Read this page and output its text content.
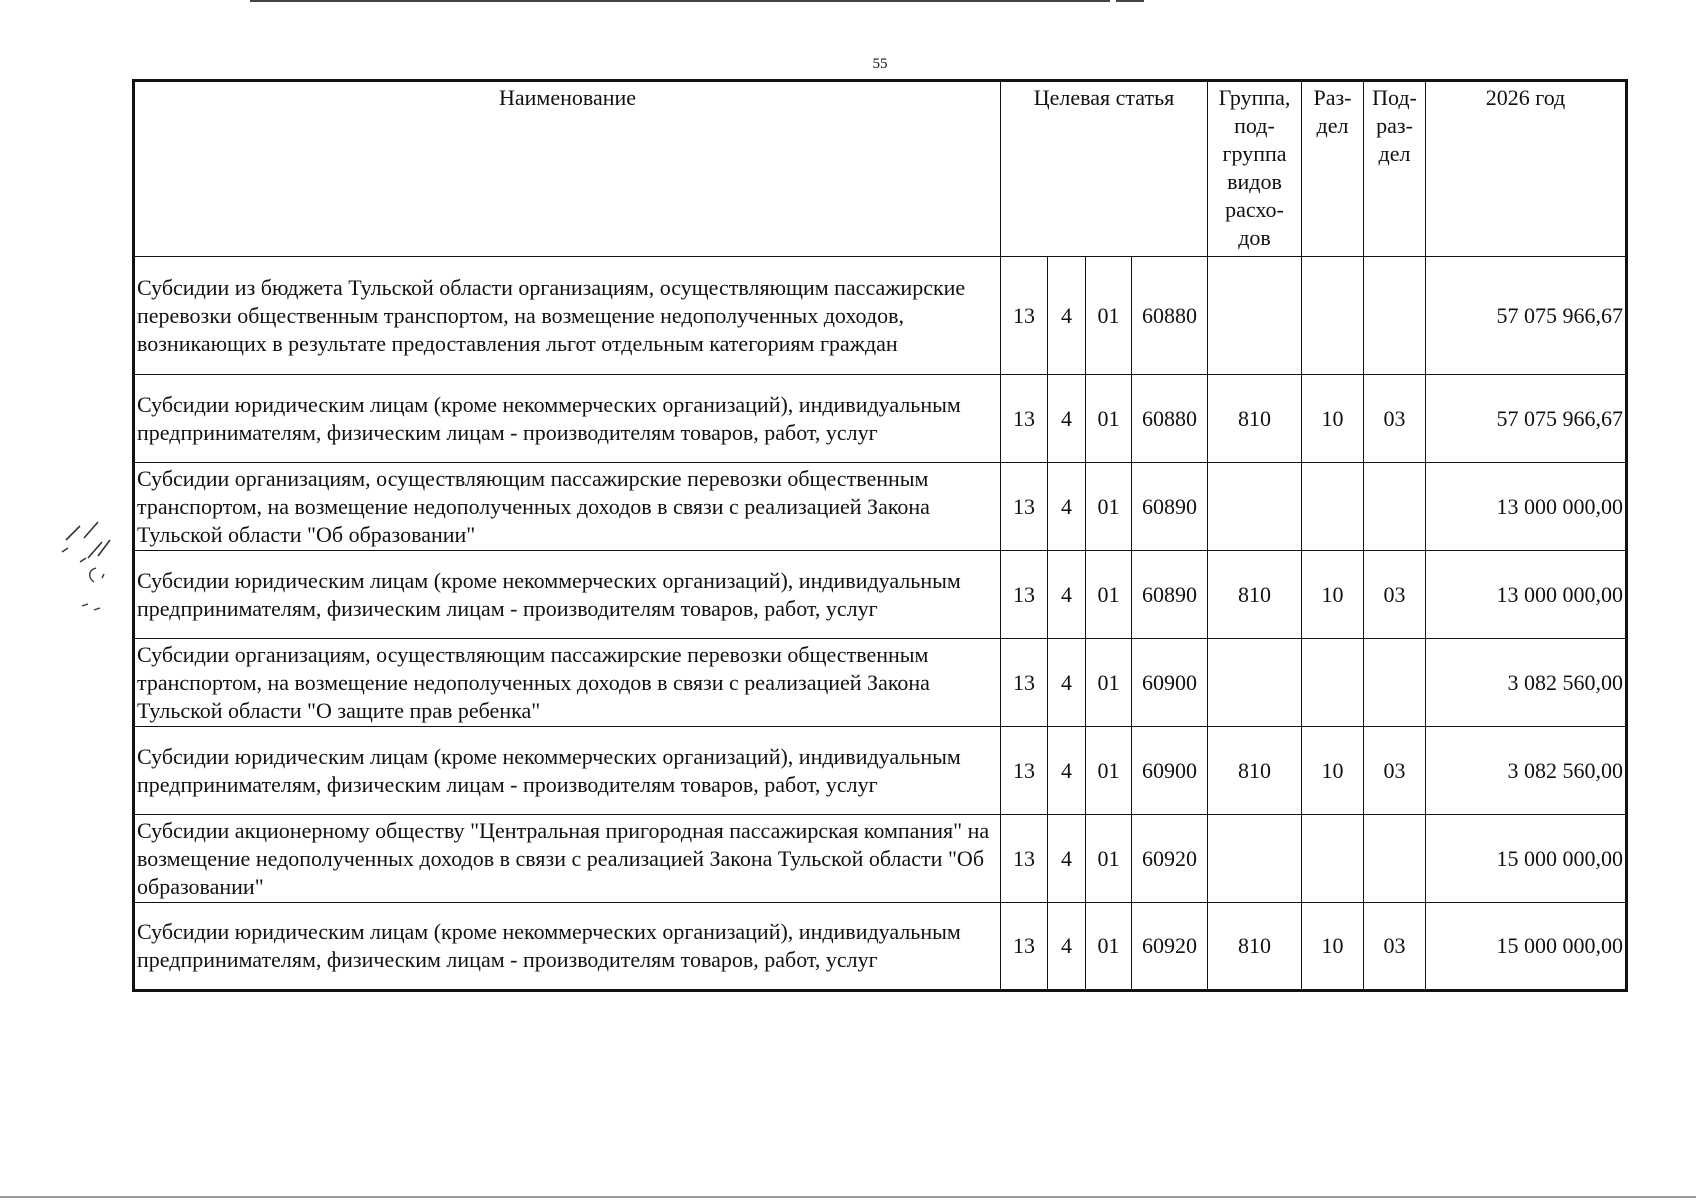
55
Наименование	Целевая статья				Группа, под- группа видов расхо- дов	Раз- дел	Под- раз- дел	2026 год
Субсидии из бюджета Тульской области организациям, осуществляющим пассажирские перевозки общественным транспортом, на возмещение недополученных доходов, возникающих в результате предоставления льгот отдельным категориям граждан	13	4	01	60880				57 075 966,67
Субсидии юридическим лицам (кроме некоммерческих организаций), индивидуальным предпринимателям, физическим лицам - производителям товаров, работ, услуг	13	4	01	60880	810	10	03	57 075 966,67
Субсидии организациям, осуществляющим пассажирские перевозки общественным транспортом, на возмещение недополученных доходов в связи с реализацией Закона Тульской области "Об образовании"	13	4	01	60890				13 000 000,00
Субсидии юридическим лицам (кроме некоммерческих организаций), индивидуальным предпринимателям, физическим лицам - производителям товаров, работ, услуг	13	4	01	60890	810	10	03	13 000 000,00
Субсидии организациям, осуществляющим пассажирские перевозки общественным транспортом, на возмещение недополученных доходов в связи с реализацией Закона Тульской области "О защите прав ребенка"	13	4	01	60900				3 082 560,00
Субсидии юридическим лицам (кроме некоммерческих организаций), индивидуальным предпринимателям, физическим лицам - производителям товаров, работ, услуг	13	4	01	60900	810	10	03	3 082 560,00
Субсидии акционерному обществу "Центральная пригородная пассажирская компания" на возмещение недополученных доходов в связи с реализацией Закона Тульской области "Об образовании"	13	4	01	60920				15 000 000,00
Субсидии юридическим лицам (кроме некоммерческих организаций), индивидуальным предпринимателям, физическим лицам - производителям товаров, работ, услуг	13	4	01	60920	810	10	03	15 000 000,00
